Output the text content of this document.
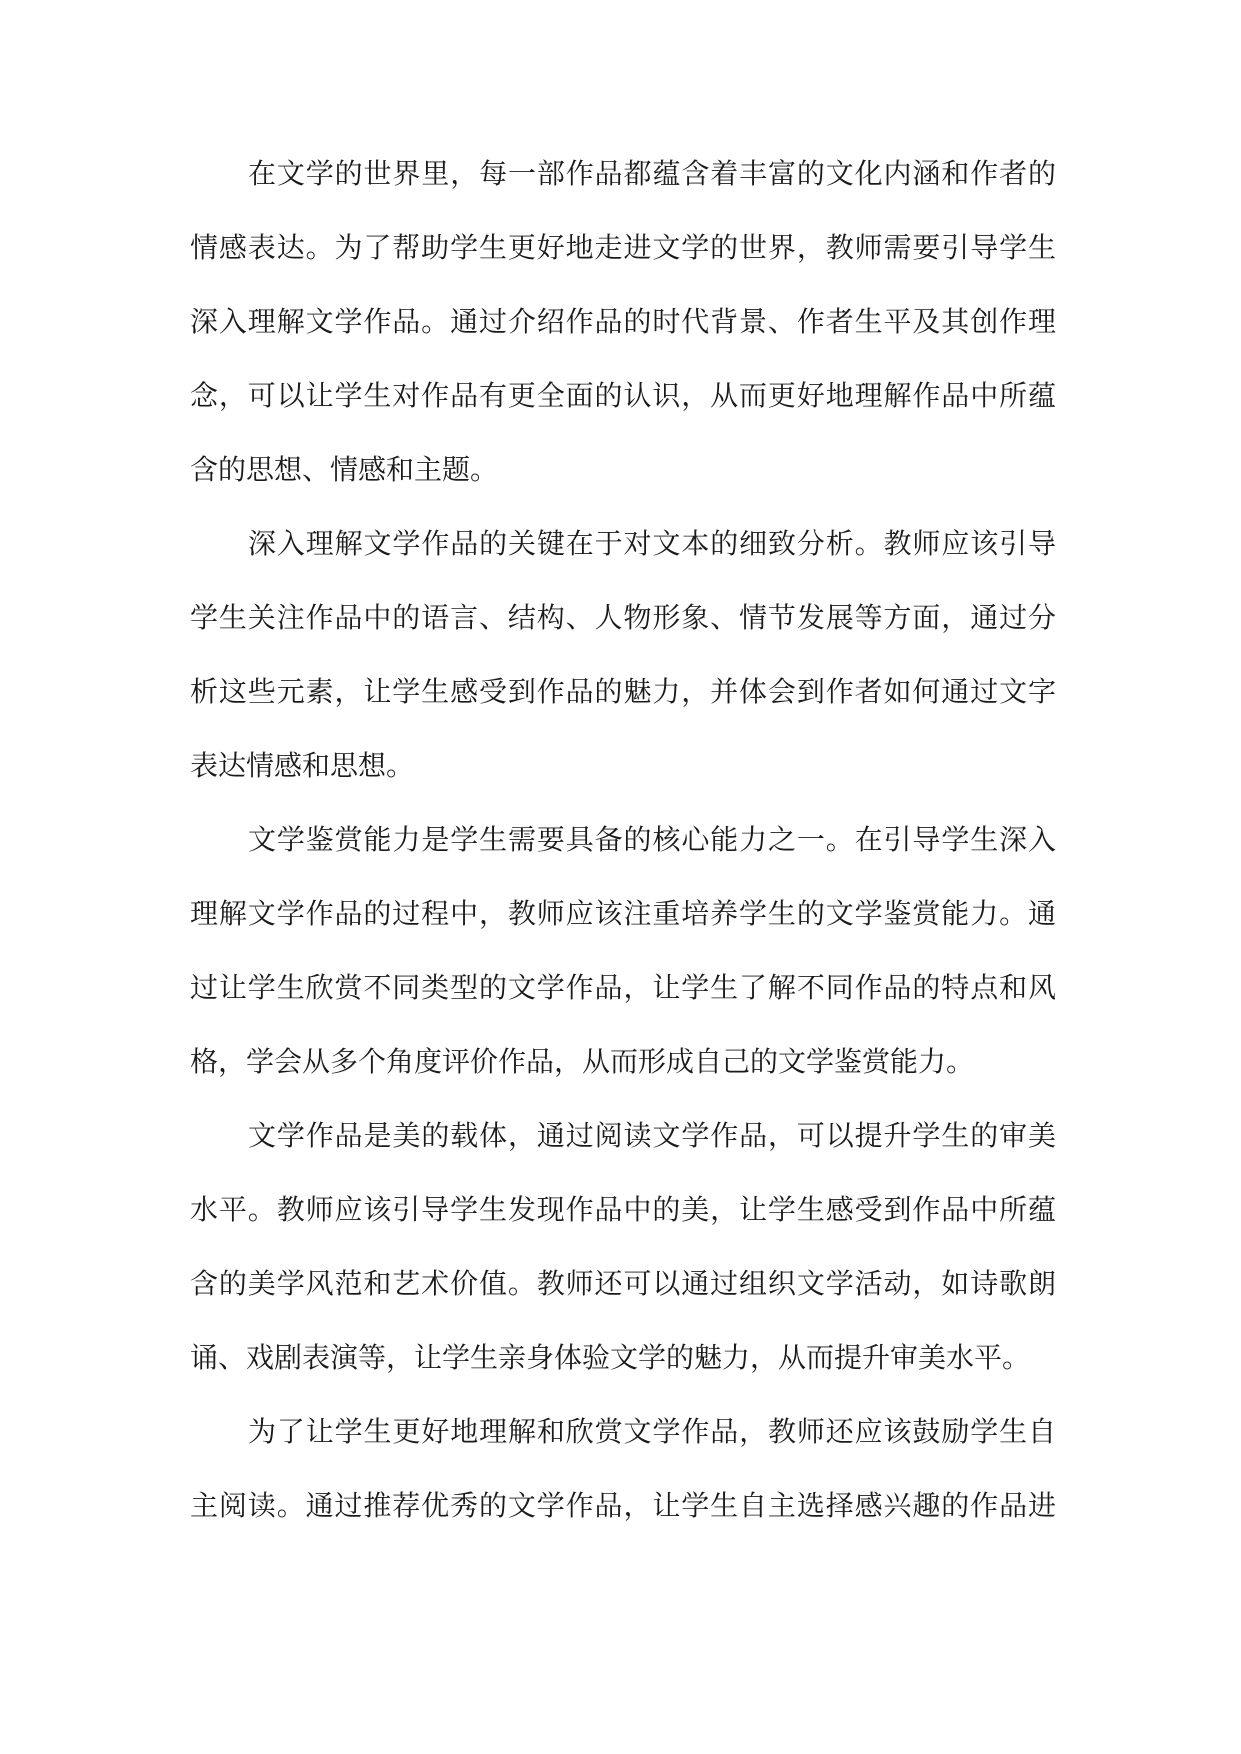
在文学的世界里，每一部作品都蕴含着丰富的文化内涵和作者的
情感表达。为了帮助学生更好地走进文学的世界，教师需要引导学生
深入理解文学作品。通过介绍作品的时代背景、作者生平及其创作理
念，可以让学生对作品有更全面的认识，从而更好地理解作品中所蕴
含的思想、情感和主题。
深入理解文学作品的关键在于对文本的细致分析。教师应该引导
学生关注作品中的语言、结构、人物形象、情节发展等方面，通过分
析这些元素，让学生感受到作品的魅力，并体会到作者如何通过文字
表达情感和思想。
文学鉴赏能力是学生需要具备的核心能力之一。在引导学生深入
理解文学作品的过程中，教师应该注重培养学生的文学鉴赏能力。通
过让学生欣赏不同类型的文学作品，让学生了解不同作品的特点和风
格，学会从多个角度评价作品，从而形成自己的文学鉴赏能力。
文学作品是美的载体，通过阅读文学作品，可以提升学生的审美
水平。教师应该引导学生发现作品中的美，让学生感受到作品中所蕴
含的美学风范和艺术价值。教师还可以通过组织文学活动，如诗歌朗
诵、戏剧表演等，让学生亲身体验文学的魅力，从而提升审美水平。
为了让学生更好地理解和欣赏文学作品，教师还应该鼓励学生自
主阅读。通过推荐优秀的文学作品，让学生自主选择感兴趣的作品进
